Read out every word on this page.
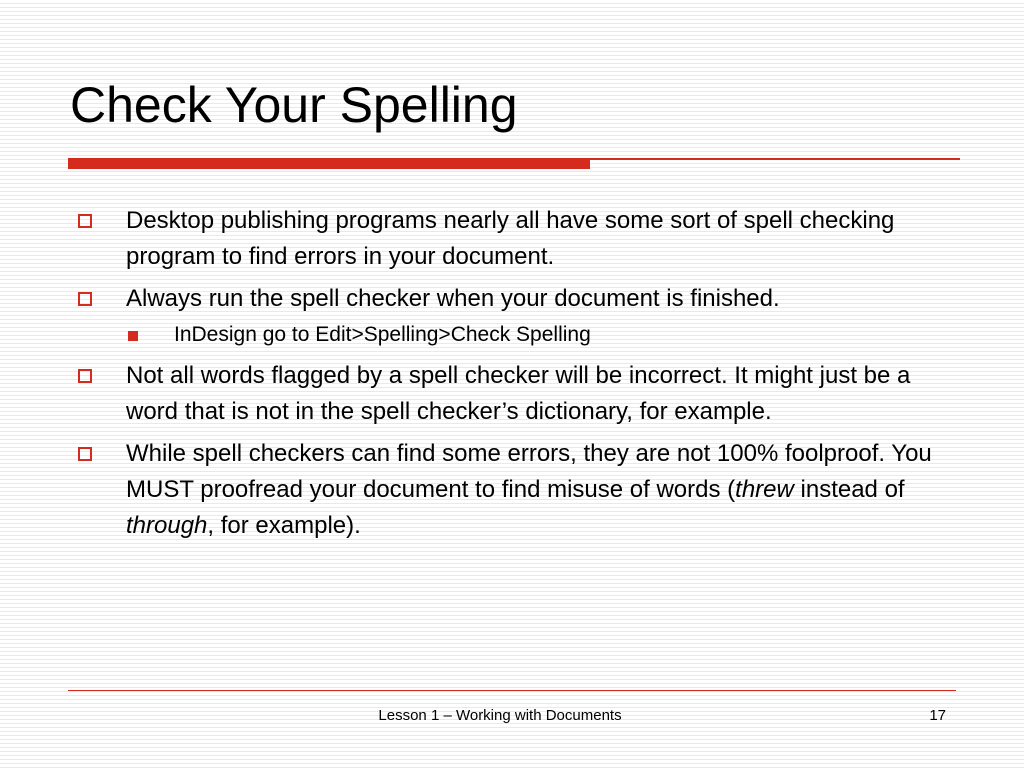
Check Your Spelling
Desktop publishing programs nearly all have some sort of spell checking program to find errors in your document.
Always run the spell checker when your document is finished.
InDesign go to Edit>Spelling>Check Spelling
Not all words flagged by a spell checker will be incorrect. It might just be a word that is not in the spell checker’s dictionary, for example.
While spell checkers can find some errors, they are not 100% foolproof. You MUST proofread your document to find misuse of words (threw instead of through, for example).
Lesson 1 – Working with Documents	17
